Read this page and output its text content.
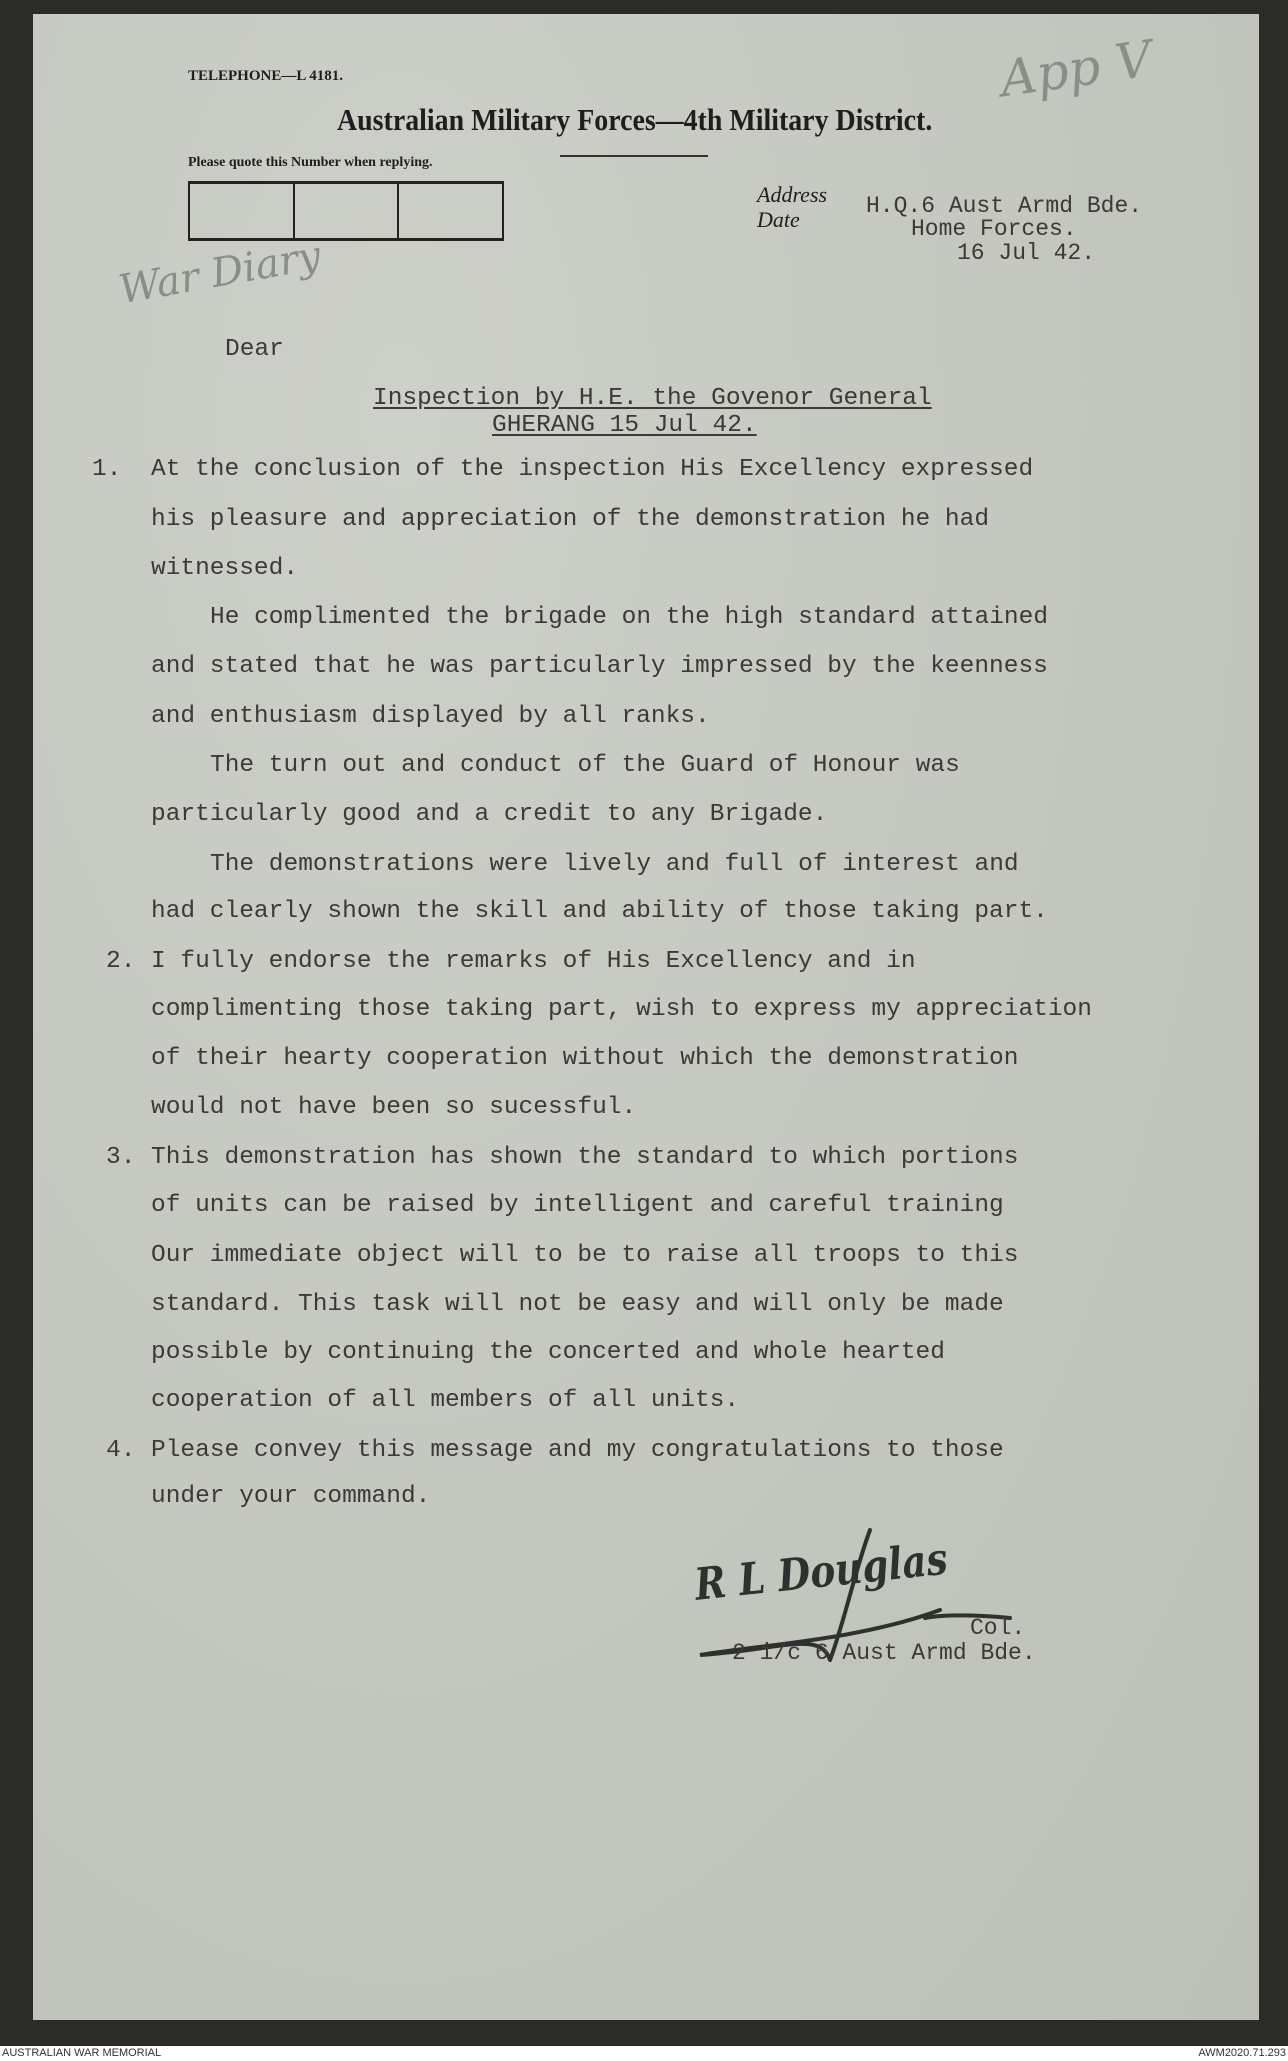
TELEPHONE—L 4181.
Australian Military Forces—4th Military District.
Please quote this Number when replying.
Address
Date
H.Q.6 Aust Armd Bde.
Home Forces.
16 Jul 42.
App V
War Diary
Dear
Inspection by H.E. the Govenor General
GHERANG 15 Jul 42.
1. At the conclusion of the inspection His Excellency expressed
his pleasure and appreciation of the demonstration he had
witnessed.
He complimented the brigade on the high standard attained
and stated that he was particularly impressed by the keenness
and enthusiasm displayed by all ranks.
The turn out and conduct of the Guard of Honour was
particularly good and a credit to any Brigade.
The demonstrations were lively and full of interest and
had clearly shown the skill and ability of those taking part.
2. I fully endorse the remarks of His Excellency and in
complimenting those taking part, wish to express my appreciation
of their hearty cooperation without which the demonstration
would not have been so sucessful.
3. This demonstration has shown the standard to which portions
of units can be raised by intelligent and careful training
Our immediate object will to be to raise all troops to this
standard. This task will not be easy and will only be made
possible by continuing the concerted and whole hearted
cooperation of all members of all units.
4. Please convey this message and my congratulations to those
under your command.
R L Douglas
Col.
2 i/c 6 Aust Armd Bde.
AUSTRALIAN WAR MEMORIAL	AWM2020.71.293
